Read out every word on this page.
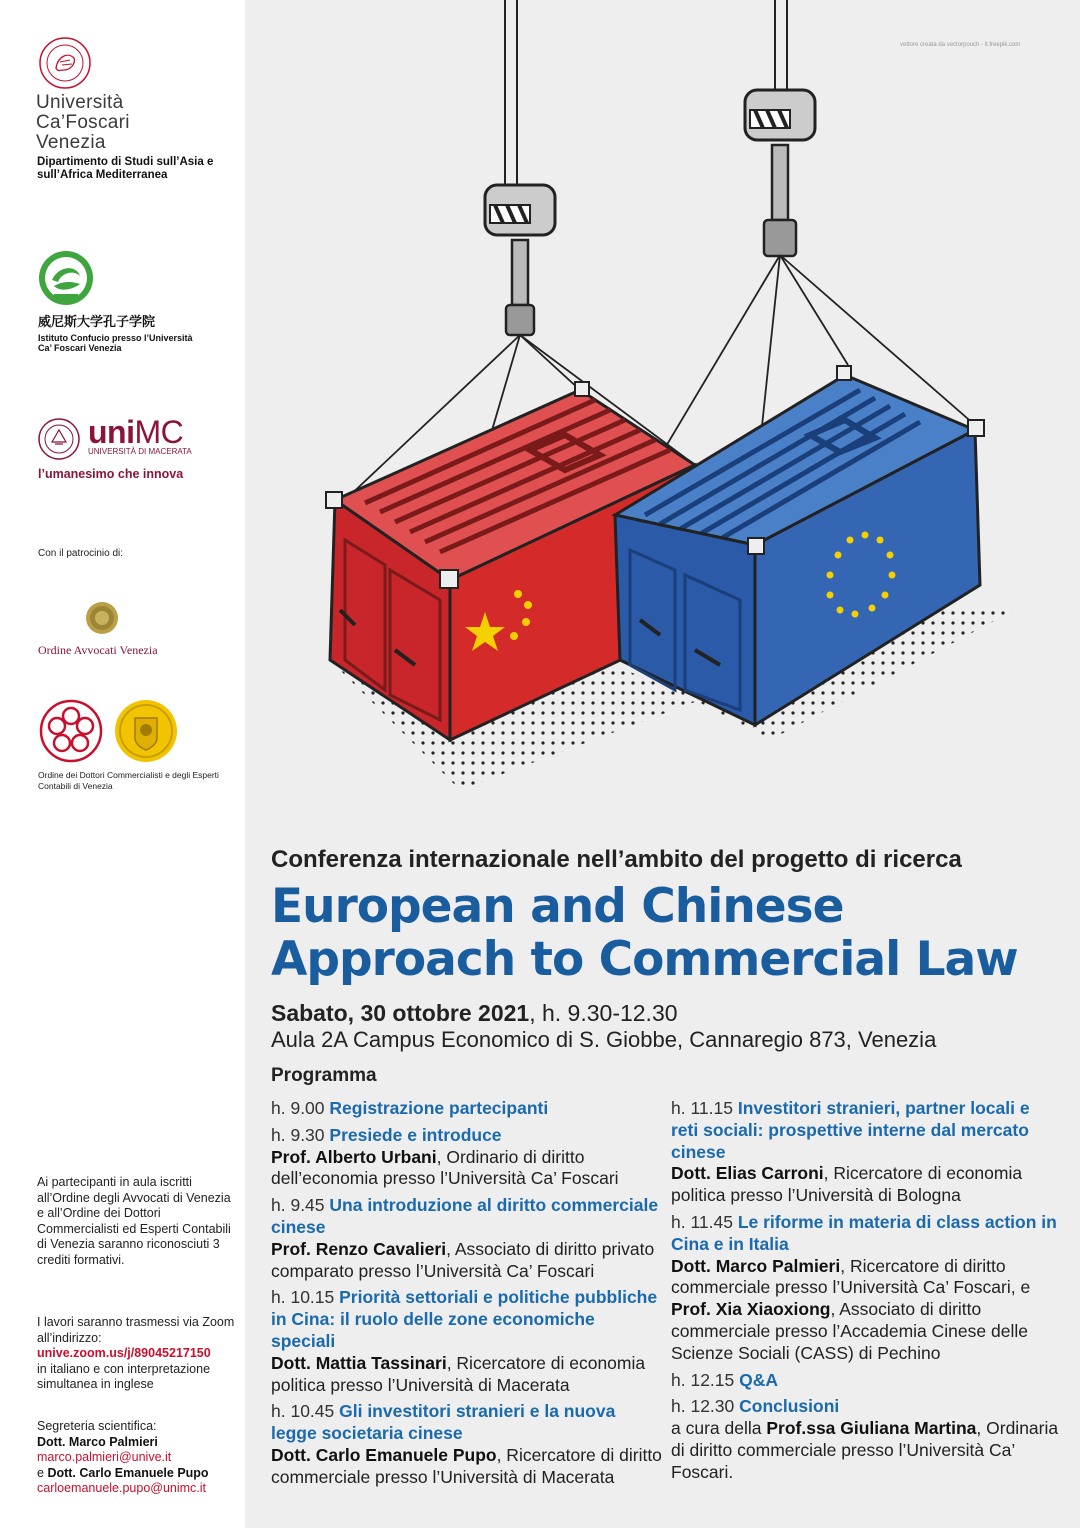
Università
Ca’Foscari
Venezia
Dipartimento di Studi sull’Asia e sull’Africa Mediterranea
威尼斯大学孔子学院
Istituto Confucio presso l’Università Ca’ Foscari Venezia
uniMC
UNIVERSITÀ DI MACERATA
l’umanesimo che innova
Con il patrocinio di:
Ordine Avvocati Venezia
Ordine dei Dottori Commercialisti e degli Esperti Contabili di Venezia
Ai partecipanti in aula iscritti all’Ordine degli Avvocati di Venezia e all’Ordine dei Dottori Commercialisti ed Esperti Contabili di Venezia saranno riconosciuti 3 crediti formativi.
I lavori saranno trasmessi via Zoom all’indirizzo:
unive.zoom.us/j/89045217150
in italiano e con interpretazione simultanea in inglese
Segreteria scientifica:
Dott. Marco Palmieri
marco.palmieri@unive.it
e Dott. Carlo Emanuele Pupo
carloemanuele.pupo@unimc.it
vettore creata da vectorpouch - it.freepik.com
Conferenza internazionale nell’ambito del progetto di ricerca
European and Chinese
Approach to Commercial Law
Sabato, 30 ottobre 2021, h. 9.30-12.30
Aula 2A Campus Economico di S. Giobbe, Cannaregio 873, Venezia
Programma
h. 9.00 Registrazione partecipanti
h. 9.30 Presiede e introduce
Prof. Alberto Urbani, Ordinario di diritto dell’economia presso l’Università Ca’ Foscari
h. 9.45 Una introduzione al diritto commerciale cinese
Prof. Renzo Cavalieri, Associato di diritto privato comparato presso l’Università Ca’ Foscari
h. 10.15 Priorità settoriali e politiche pubbliche in Cina: il ruolo delle zone economiche speciali
Dott. Mattia Tassinari, Ricercatore di economia politica presso l’Università di Macerata
h. 10.45 Gli investitori stranieri e la nuova legge societaria cinese
Dott. Carlo Emanuele Pupo, Ricercatore di diritto commerciale presso l’Università di Macerata
h. 11.15 Investitori stranieri, partner locali e reti sociali: prospettive interne dal mercato cinese
Dott. Elias Carroni, Ricercatore di economia politica presso l’Università di Bologna
h. 11.45 Le riforme in materia di class action in Cina e in Italia
Dott. Marco Palmieri, Ricercatore di diritto commerciale presso l’Università Ca’ Foscari, e Prof. Xia Xiaoxiong, Associato di diritto commerciale presso l’Accademia Cinese delle Scienze Sociali (CASS) di Pechino
h. 12.15 Q&A
h. 12.30 Conclusioni
a cura della Prof.ssa Giuliana Martina, Ordinaria di diritto commerciale presso l’Università Ca’ Foscari.
